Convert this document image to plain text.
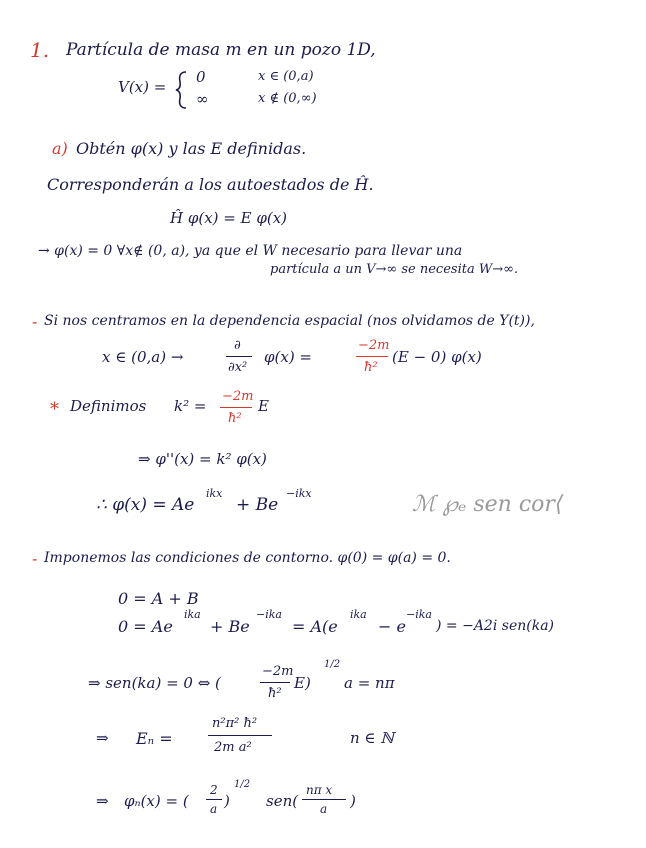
1. Partícula de masa m en un pozo 1D,
V(x) =
0	x ∈ (0,a)
∞	x ∉ (0,∞)
a) Obtén φ(x) y las E definidas.
Corresponderán a los autoestados de Ĥ.
Ĥ φ(x) = E φ(x)
→ φ(x) = 0 ∀x∉ (0, a), ya que el W necesario para llevar una
partícula a un V→∞ se necesita W→∞.
- Si nos centramos en la dependencia espacial (nos olvidamos de Y(t)),
x ∈ (0,a) →
∂
∂x²
φ(x) =
−2m
ħ²
(E − 0) φ(x)
* Definimos k² =
−2m
ħ²
E
⇒ φ''(x) = k² φ(x)
∴ φ(x) = Ae
ikx
+ Be
−ikx	ℳ ℘ₑ sen ᴄᴏr⟨
- Imponemos las condiciones de contorno. φ(0) = φ(a) = 0.
0 = A + B
0 = Ae
ika
+ Be
−ika
= A(e
ika
− e
−ika
) = −A2i sen(ka)
⇒ sen(ka) = 0 ⇔ (
−2m
ħ²
E)
1/2
a = nπ
⇒ Eₙ =
n²π² ħ²
2m a²
n ∈ ℕ
⇒ φₙ(x) = (
2
a )
1/2
sen(
nπ x
a )
